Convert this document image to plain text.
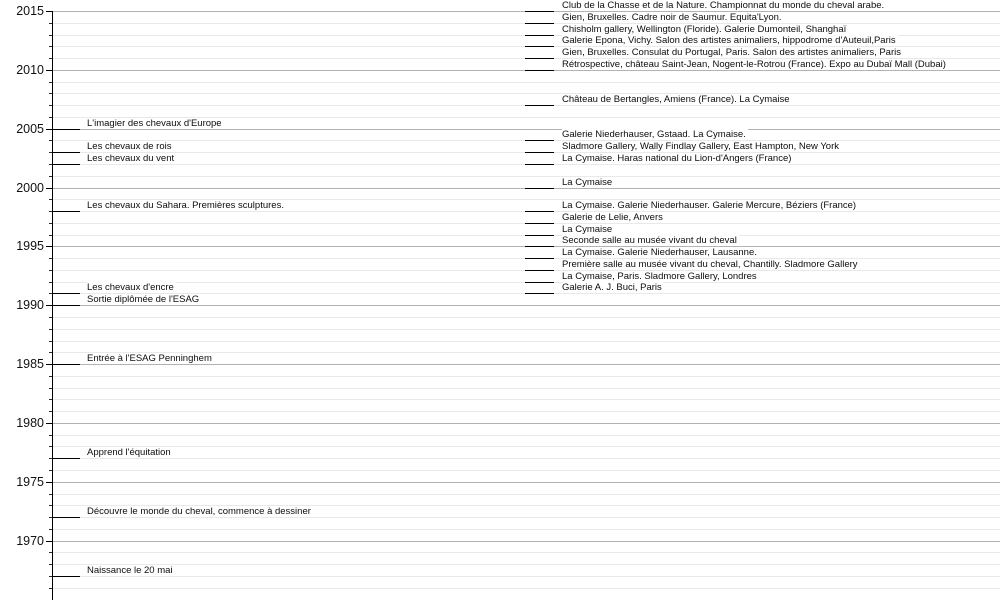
2015
2010
2005
2000
1995
1990
1985
1980
1975
1970
L'imagier des chevaux d'Europe
Les chevaux de rois
Les chevaux du vent
Les chevaux du Sahara. Premières sculptures.
Les chevaux d'encre
Sortie diplômée de l'ESAG
Entrée à l'ESAG Penninghem
Apprend l'équitation
Découvre le monde du cheval, commence à dessiner
Naissance le 20 mai
Club de la Chasse et de la Nature. Championnat du monde du cheval arabe.
Gien, Bruxelles. Cadre noir de Saumur. Equita'Lyon.
Chisholm gallery, Wellington (Floride). Galerie Dumonteil, Shanghaï
Galerie Epona, Vichy. Salon des artistes animaliers, hippodrome d'Auteuil,Paris
Gien, Bruxelles. Consulat du Portugal, Paris. Salon des artistes animaliers, Paris
Rétrospective, château Saint-Jean, Nogent-le-Rotrou (France). Expo au Dubaï Mall (Dubai)
Château de Bertangles, Amiens (France). La Cymaise
Galerie Niederhauser, Gstaad. La Cymaise.
Sladmore Gallery, Wally Findlay Gallery, East Hampton, New York
La Cymaise. Haras national du Lion-d'Angers (France)
La Cymaise
La Cymaise. Galerie Niederhauser. Galerie Mercure, Béziers (France)
Galerie de Lelie, Anvers
La Cymaise
Seconde salle au musée vivant du cheval
La Cymaise. Galerie Niederhauser, Lausanne.
Première salle au musée vivant du cheval, Chantilly. Sladmore Gallery
La Cymaise, Paris. Sladmore Gallery, Londres
Galerie A. J. Buci, Paris
